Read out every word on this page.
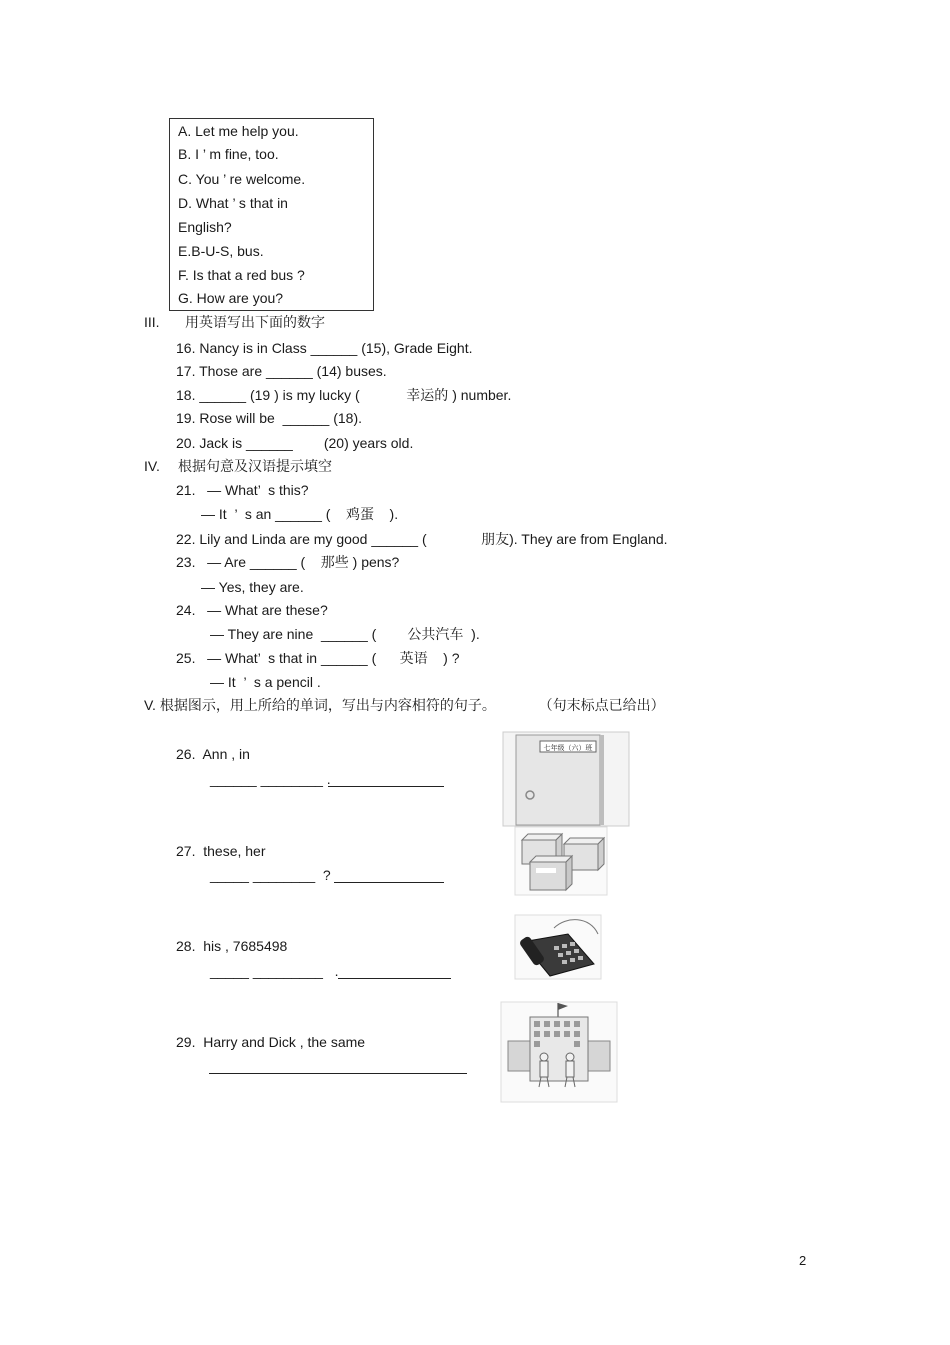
A. Let me help you.
B. I ’ m fine, too.
C. You ’ re welcome.
D. What ’ s that in
English?
E.B-U-S, bus.
F. Is that a red bus ?
G. How are you?
III. 用英语写出下面的数字
16. Nancy is in Class ______ (15), Grade Eight.
17. Those are ______ (14) buses.
18. ______ (19 ) is my lucky (            幸运的 ) number.
19. Rose will be  ______ (18).
20. Jack is ______        (20) years old.
IV. 根据句意及汉语提示填空
21.   — What’  s this?
— It  ’  s an ______ (    鸡蛋    ).
22. Lily and Linda are my good ______ (              朋友). They are from England.
23.   — Are ______ (    那些 ) pens?
— Yes, they are.
24.   — What are these?
— They are nine  ______ (        公共汽车  ).
25.   — What’  s that in ______ (      英语    ) ?
— It  ’  s a pencil .
V. 根据图示，用上所给的单词，写出与内容相符的句子。           （句末标点已给出）
26.  Ann , in
______ ________ .
七年级（六）班
27.  these, her
_____ ________  ?
28.  his , 7685498
_____ _________   .
29.  Harry and Dick , the same
2
